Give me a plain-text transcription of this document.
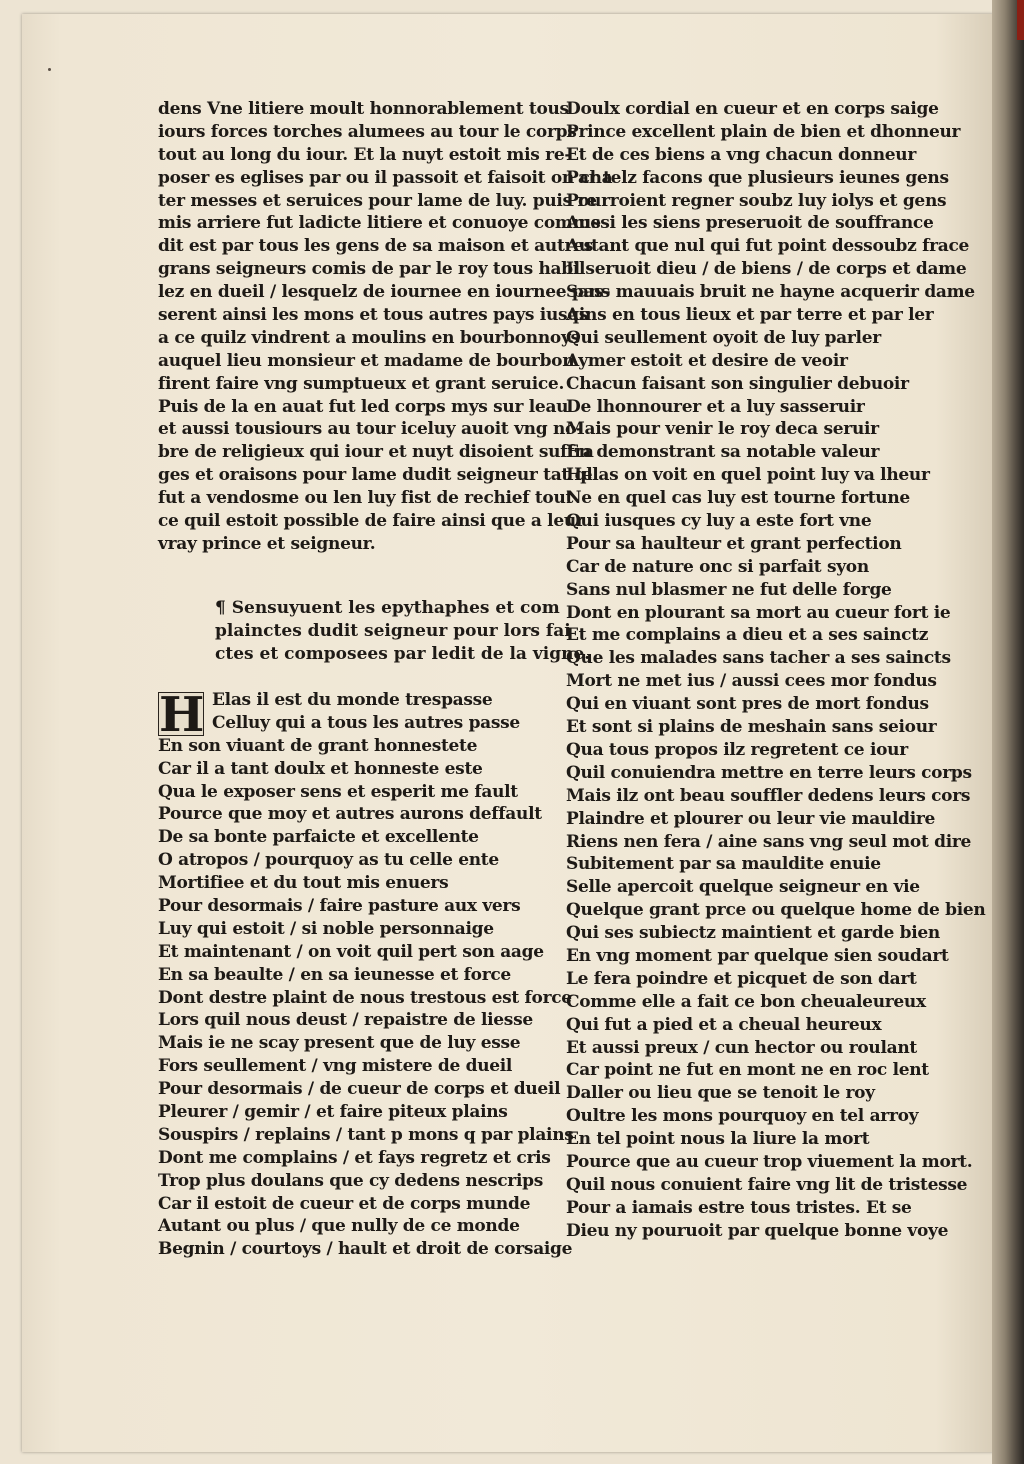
dens Vne litiere moult honnorablement tous
iours forces torches alumees au tour le corps
tout au long du iour. Et la nuyt estoit mis re-
poser es eglises par ou il passoit et faisoit on cha
ter messes et seruices pour lame de luy. puis re
mis arriere fut ladicte litiere et conuoye comme
dit est par tous les gens de sa maison et autres
grans seigneurs comis de par le roy tous habil
lez en dueil / lesquelz de iournee en iournee pas-
serent ainsi les mons et tous autres pays iusqs
a ce quilz vindrent a moulins en bourbonnoys
auquel lieu monsieur et madame de bourbon
firent faire vng sumptueux et grant seruice.
Puis de la en auat fut led corps mys sur leau
et aussi tousiours au tour iceluy auoit vng no-
bre de religieux qui iour et nuyt disoient suffra
ges et oraisons pour lame dudit seigneur tat ql
fut a vendosme ou len luy fist de rechief tout
ce quil estoit possible de faire ainsi que a leur
vray prince et seigneur.
¶ Sensuyuent les epythaphes et com
plainctes dudit seigneur pour lors fai
ctes et composees par ledit de la vigne.
H Elas il est du monde trespasse
Celluy qui a tous les autres passe
En son viuant de grant honnestete
Car il a tant doulx et honneste este
Qua le exposer sens et esperit me fault
Pource que moy et autres aurons deffault
De sa bonte parfaicte et excellente
O atropos / pourquoy as tu celle ente
Mortifiee et du tout mis enuers
Pour desormais / faire pasture aux vers
Luy qui estoit / si noble personnaige
Et maintenant / on voit quil pert son aage
En sa beaulte / en sa ieunesse et force
Dont destre plaint de nous trestous est force
Lors quil nous deust / repaistre de liesse
Mais ie ne scay present que de luy esse
Fors seullement / vng mistere de dueil
Pour desormais / de cueur de corps et dueil
Pleurer / gemir / et faire piteux plains
Souspirs / replains / tant p mons q par plains
Dont me complains / et fays regretz et cris
Trop plus doulans que cy dedens nescrips
Car il estoit de cueur et de corps munde
Autant ou plus / que nully de ce monde
Begnin / courtoys / hault et droit de corsaige
Doulx cordial en cueur et en corps saige
Prince excellent plain de bien et dhonneur
Et de ces biens a vng chacun donneur
Par telz facons que plusieurs ieunes gens
Pourroient regner soubz luy iolys et gens
Aussi les siens preseruoit de souffrance
Autant que nul qui fut point dessoubz frace
Il seruoit dieu / de biens / de corps et dame
Sans mauuais bruit ne hayne acquerir dame
Ains en tous lieux et par terre et par ler
Qui seullement oyoit de luy parler
Aymer estoit et desire de veoir
Chacun faisant son singulier debuoir
De lhonnourer et a luy sasseruir
Mais pour venir le roy deca seruir
En demonstrant sa notable valeur
Helas on voit en quel point luy va lheur
Ne en quel cas luy est tourne fortune
Qui iusques cy luy a este fort vne
Pour sa haulteur et grant perfection
Car de nature onc si parfait syon
Sans nul blasmer ne fut delle forge
Dont en plourant sa mort au cueur fort ie
Et me complains a dieu et a ses sainctz
Que les malades sans tacher a ses saincts
Mort ne met ius / aussi cees mor fondus
Qui en viuant sont pres de mort fondus
Et sont si plains de meshain sans seiour
Qua tous propos ilz regretent ce iour
Quil conuiendra mettre en terre leurs corps
Mais ilz ont beau souffler dedens leurs cors
Plaindre et plourer ou leur vie mauldire
Riens nen fera / aine sans vng seul mot dire
Subitement par sa mauldite enuie
Selle apercoit quelque seigneur en vie
Quelque grant prce ou quelque home de bien
Qui ses subiectz maintient et garde bien
En vng moment par quelque sien soudart
Le fera poindre et picquet de son dart
Comme elle a fait ce bon cheualeureux
Qui fut a pied et a cheual heureux
Et aussi preux / cun hector ou roulant
Car point ne fut en mont ne en roc lent
Daller ou lieu que se tenoit le roy
Oultre les mons pourquoy en tel arroy
En tel point nous la liure la mort
Pource que au cueur trop viuement la mort.
Quil nous conuient faire vng lit de tristesse
Pour a iamais estre tous tristes. Et se
Dieu ny pouruoit par quelque bonne voye
